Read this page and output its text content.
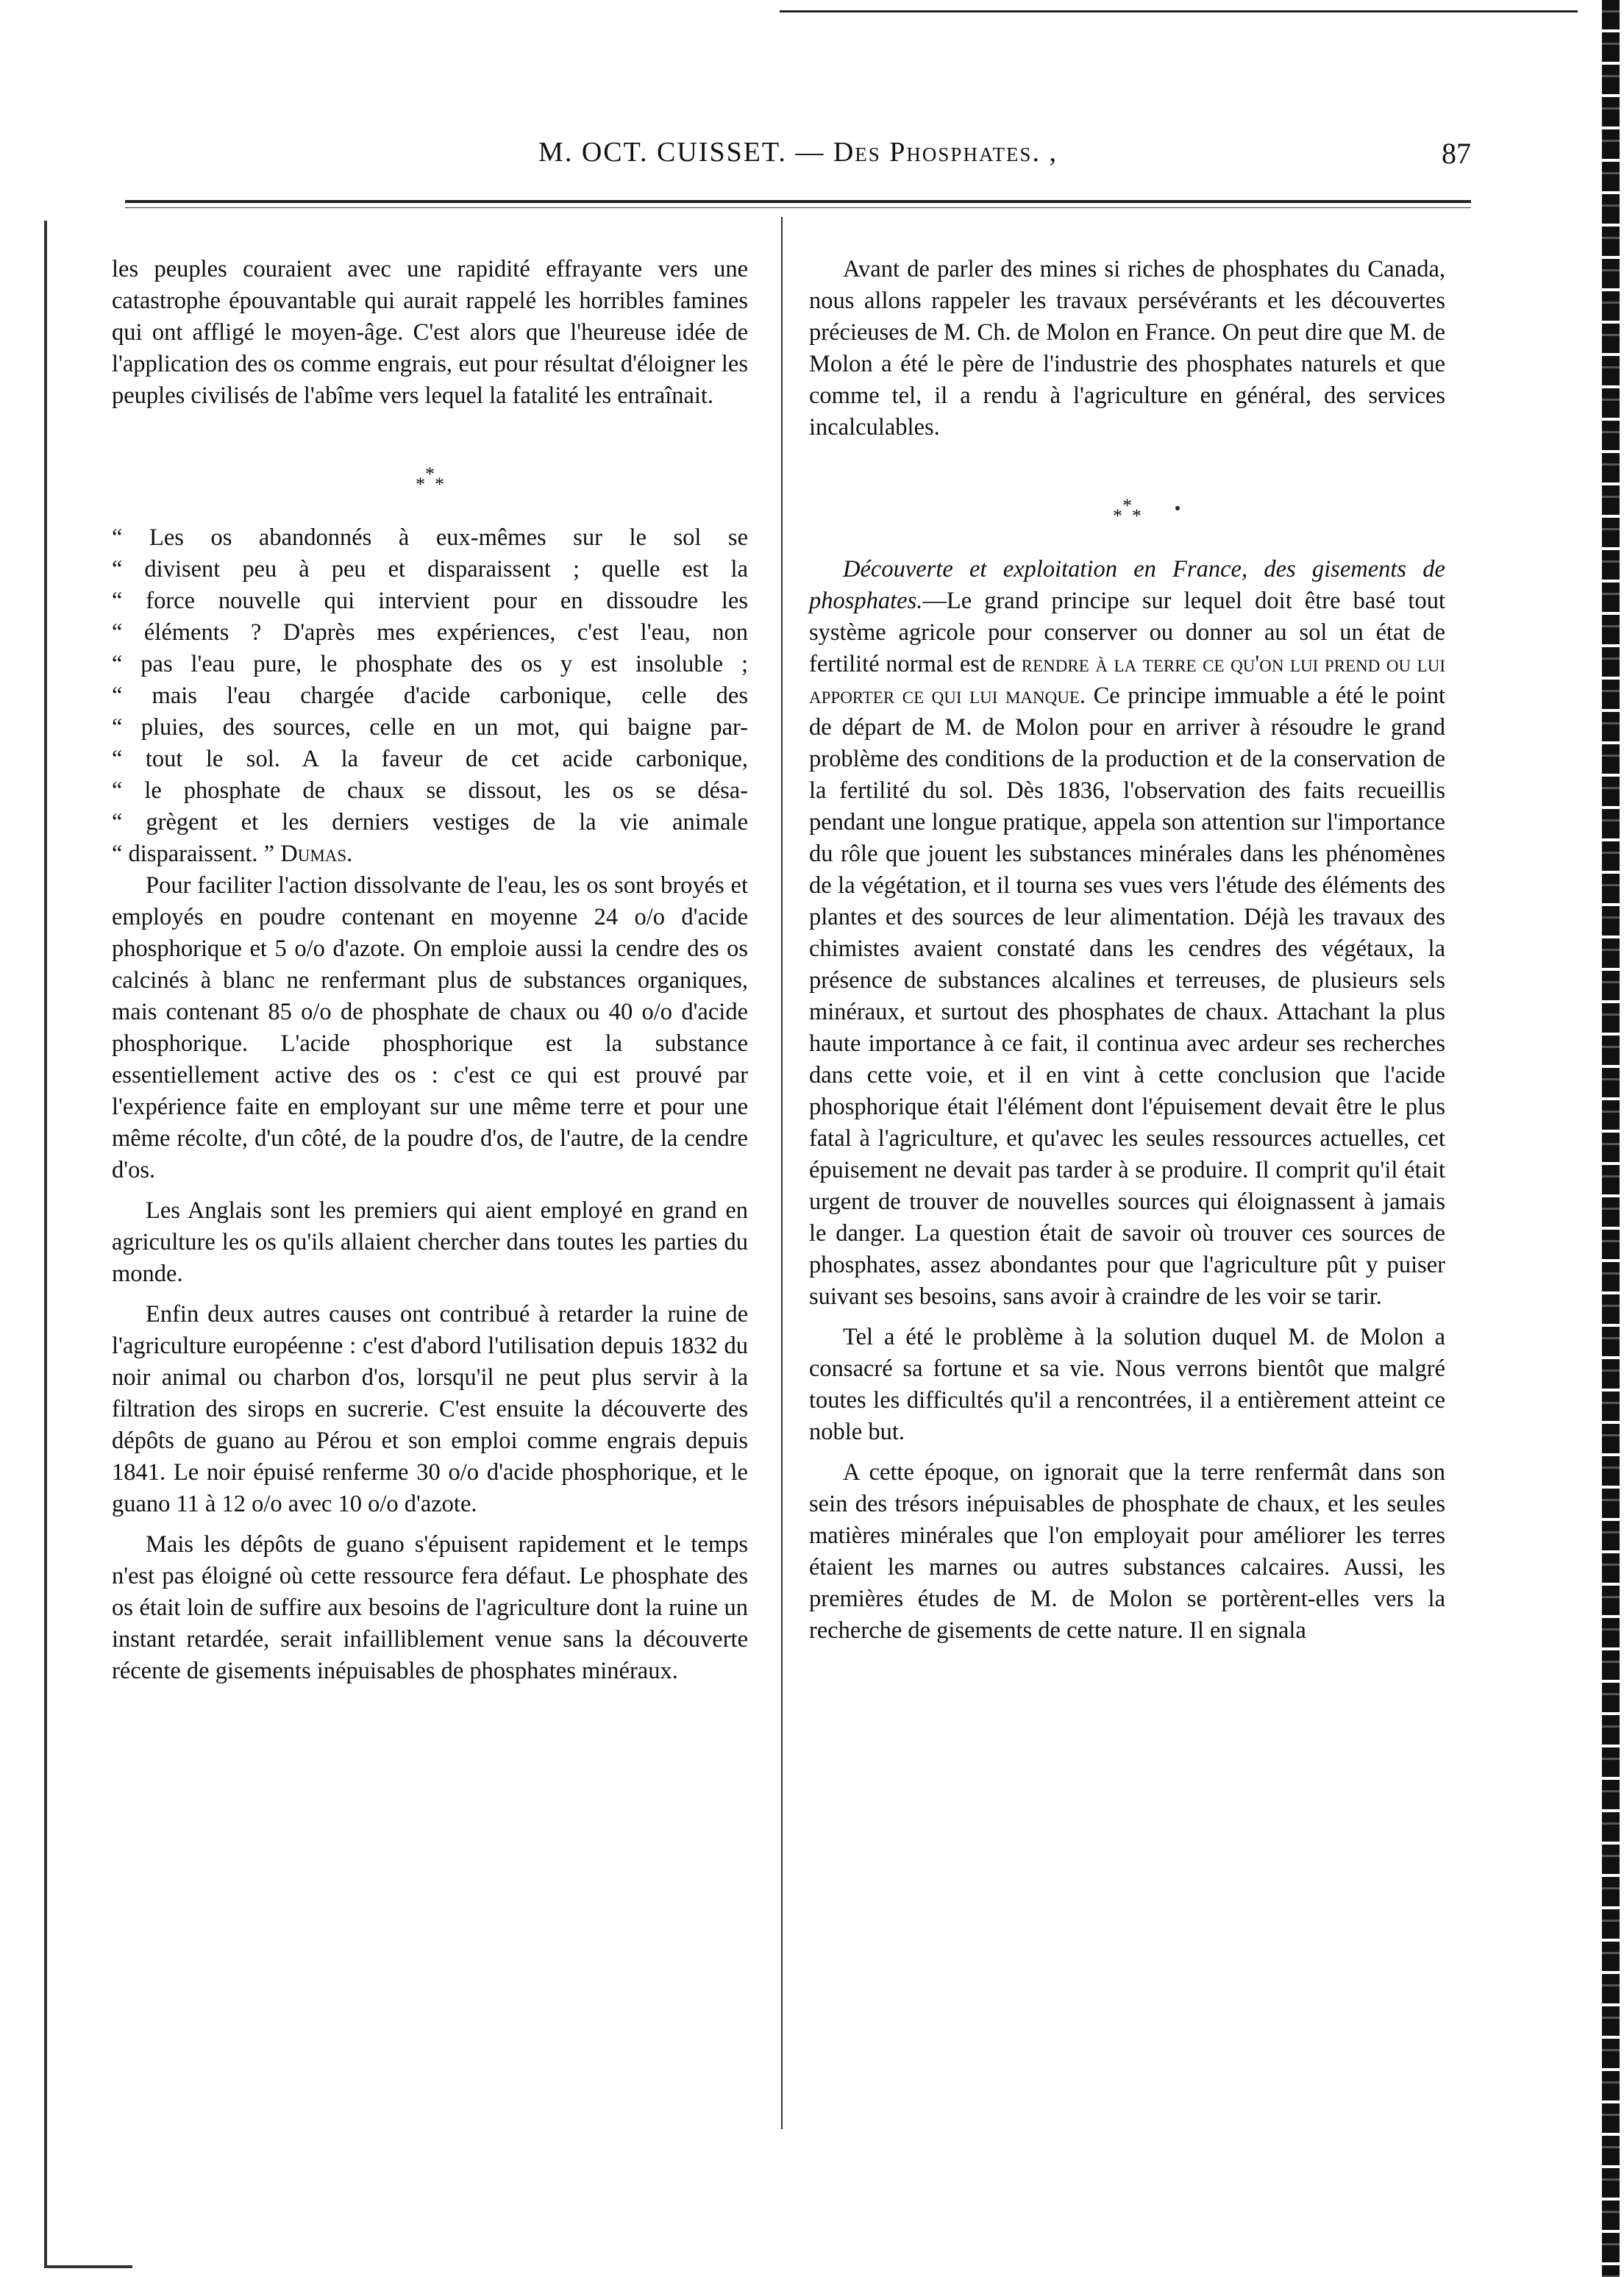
M. OCT. CUISSET. — Des Phosphates. ,	87

les peuples couraient avec une rapidité effrayante vers une catastrophe épouvantable qui aurait rappelé les horribles famines qui ont affligé le moyen-âge. C'est alors que l'heureuse idée de l'application des os comme engrais, eut pour résultat d'éloigner les peuples civilisés de l'abîme vers lequel la fatalité les entraînait.

***
“ Les os abandonnés à eux-mêmes sur le sol se
“ divisent peu à peu et disparaissent ; quelle est la
“ force nouvelle qui intervient pour en dissoudre les
“ éléments ? D'après mes expériences, c'est l'eau, non
“ pas l'eau pure, le phosphate des os y est insoluble ;
“ mais l'eau chargée d'acide carbonique, celle des
“ pluies, des sources, celle en un mot, qui baigne par-
“ tout le sol. A la faveur de cet acide carbonique,
“ le phosphate de chaux se dissout, les os se désa-
“ grègent et les derniers vestiges de la vie animale
“ disparaissent. ” Dumas.

Pour faciliter l'action dissolvante de l'eau, les os sont broyés et employés en poudre contenant en moyenne 24 o/o d'acide phosphorique et 5 o/o d'azote. On emploie aussi la cendre des os calcinés à blanc ne renfermant plus de substances organiques, mais contenant 85 o/o de phosphate de chaux ou 40 o/o d'acide phosphorique. L'acide phosphorique est la substance essentiellement active des os : c'est ce qui est prouvé par l'expérience faite en employant sur une même terre et pour une même récolte, d'un côté, de la poudre d'os, de l'autre, de la cendre d'os.

Les Anglais sont les premiers qui aient employé en grand en agriculture les os qu'ils allaient chercher dans toutes les parties du monde.

Enfin deux autres causes ont contribué à retarder la ruine de l'agriculture européenne : c'est d'abord l'utilisation depuis 1832 du noir animal ou charbon d'os, lorsqu'il ne peut plus servir à la filtration des sirops en sucrerie. C'est ensuite la découverte des dépôts de guano au Pérou et son emploi comme engrais depuis 1841. Le noir épuisé renferme 30 o/o d'acide phosphorique, et le guano 11 à 12 o/o avec 10 o/o d'azote.

Mais les dépôts de guano s'épuisent rapidement et le temps n'est pas éloigné où cette ressource fera défaut. Le phosphate des os était loin de suffire aux besoins de l'agriculture dont la ruine un instant retardée, serait infailliblement venue sans la découverte récente de gisements inépuisables de phosphates minéraux.

Avant de parler des mines si riches de phosphates du Canada, nous allons rappeler les travaux persévérants et les découvertes précieuses de M. Ch. de Molon en France. On peut dire que M. de Molon a été le père de l'industrie des phosphates naturels et que comme tel, il a rendu à l'agriculture en général, des services incalculables.

***

Découverte et exploitation en France, des gisements de phosphates.—Le grand principe sur lequel doit être basé tout système agricole pour conserver ou donner au sol un état de fertilité normal est de rendre à la terre ce qu'on lui prend ou lui apporter ce qui lui manque. Ce principe immuable a été le point de départ de M. de Molon pour en arriver à résoudre le grand problème des conditions de la production et de la conservation de la fertilité du sol. Dès 1836, l'observation des faits recueillis pendant une longue pratique, appela son attention sur l'importance du rôle que jouent les substances minérales dans les phénomènes de la végétation, et il tourna ses vues vers l'étude des éléments des plantes et des sources de leur alimentation. Déjà les travaux des chimistes avaient constaté dans les cendres des végétaux, la présence de substances alcalines et terreuses, de plusieurs sels minéraux, et surtout des phosphates de chaux. Attachant la plus haute importance à ce fait, il continua avec ardeur ses recherches dans cette voie, et il en vint à cette conclusion que l'acide phosphorique était l'élément dont l'épuisement devait être le plus fatal à l'agriculture, et qu'avec les seules ressources actuelles, cet épuisement ne devait pas tarder à se produire. Il comprit qu'il était urgent de trouver de nouvelles sources qui éloignassent à jamais le danger. La question était de savoir où trouver ces sources de phosphates, assez abondantes pour que l'agriculture pût y puiser suivant ses besoins, sans avoir à craindre de les voir se tarir.

Tel a été le problème à la solution duquel M. de Molon a consacré sa fortune et sa vie. Nous verrons bientôt que malgré toutes les difficultés qu'il a rencontrées, il a entièrement atteint ce noble but.

A cette époque, on ignorait que la terre renfermât dans son sein des trésors inépuisables de phosphate de chaux, et les seules matières minérales que l'on employait pour améliorer les terres étaient les marnes ou autres substances calcaires. Aussi, les premières études de M. de Molon se portèrent-elles vers la recherche de gisements de cette nature. Il en signala
